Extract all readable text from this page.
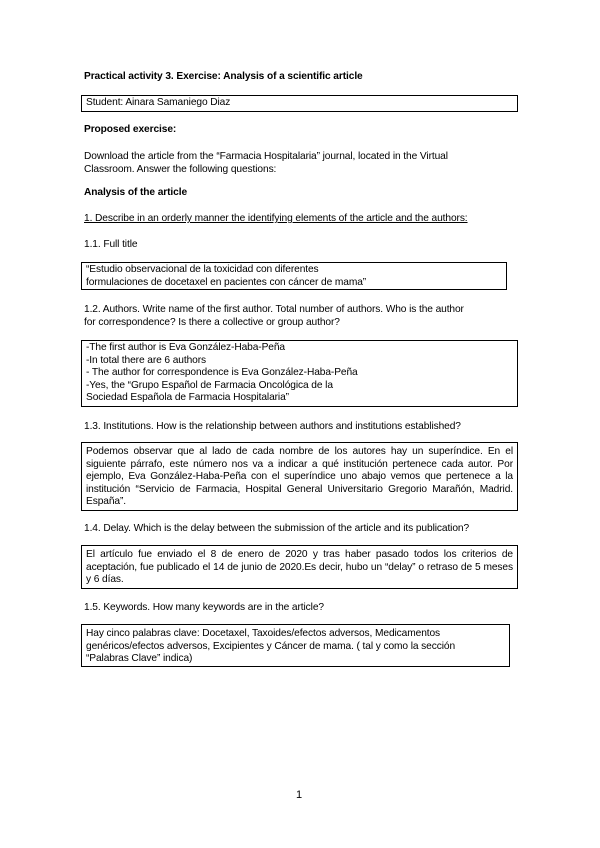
Practical activity 3. Exercise: Analysis of a scientific article
Student: Ainara Samaniego Diaz
Proposed exercise:
Download the article from the “Farmacia Hospitalaria” journal, located in the Virtual
Classroom. Answer the following questions:
Analysis of the article
1. Describe in an orderly manner the identifying elements of the article and the authors:
1.1. Full title
“Estudio observacional de la toxicidad con diferentes
formulaciones de docetaxel en pacientes con cáncer de mama”
1.2. Authors. Write name of the first author. Total number of authors. Who is the author
for correspondence? Is there a collective or group author?
-The first author is Eva González-Haba-Peña
-In total there are 6 authors
- The author for correspondence is Eva González-Haba-Peña
-Yes, the “Grupo Español de Farmacia Oncológica de la
Sociedad Española de Farmacia Hospitalaria”
1.3. Institutions. How is the relationship between authors and institutions established?
Podemos observar que al lado de cada nombre de los autores hay un superíndice. En el siguiente párrafo, este número nos va a indicar a qué institución pertenece cada autor. Por ejemplo, Eva González-Haba-Peña con el superíndice uno abajo vemos que pertenece a la institución “Servicio de Farmacia, Hospital General Universitario Gregorio Marañón, Madrid. España”.
1.4. Delay. Which is the delay between the submission of the article and its publication?
El artículo fue enviado el 8 de enero de 2020 y tras haber pasado todos los criterios de aceptación, fue publicado el 14 de junio de 2020.Es decir, hubo un “delay” o retraso de 5 meses y 6 días.
1.5. Keywords. How many keywords are in the article?
Hay cinco palabras clave: Docetaxel, Taxoides/efectos adversos, Medicamentos
genéricos/efectos adversos, Excipientes y Cáncer de mama. ( tal y como la sección
“Palabras Clave” indica)
1
